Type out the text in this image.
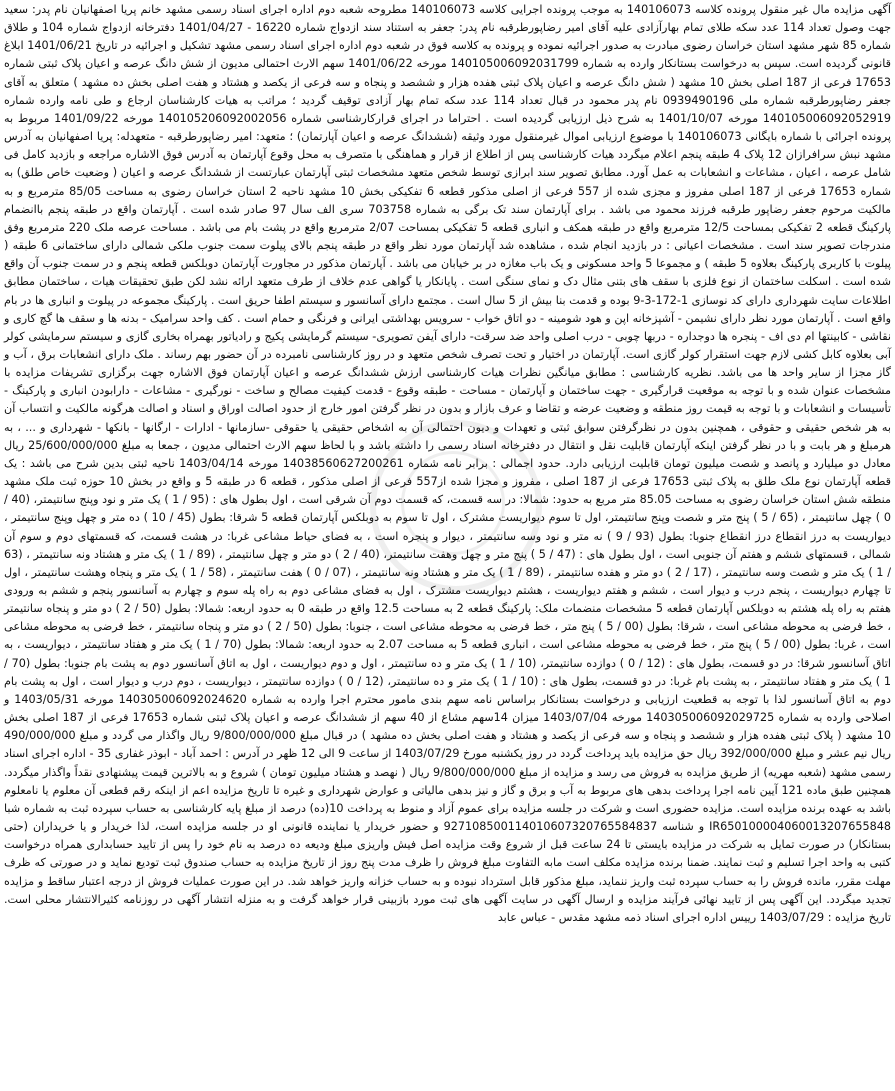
آگهی مزایده مال غیر منقول پرونده کلاسه 140106073 به موجب پرونده اجرایی کلاسه 140106073 مطروحه شعبه دوم اداره اجرای اسناد رسمی مشهد خانم پریا اصفهانیان نام پدر: سعید جهت وصول تعداد 114 عدد سکه طلای تمام بهارآزادی علیه آقای امیر رضاپورطرقبه نام پدر: جعفر به استناد سند ازدواج شماره 16220 - 1401/04/27 دفترخانه ازدواج شماره 104 و طلاق شماره 85 شهر مشهد استان خراسان رضوی مبادرت به صدور اجرائیه نموده و پرونده به کلاسه فوق در شعبه دوم اداره اجرای اسناد رسمی مشهد تشکیل و اجرائیه در تاریخ 1401/06/21 ابلاغ قانونی گردیده است. سپس به درخواست بستانکار وارده به شماره 140105006092031799 مورخه 1401/06/22 سهم الارث احتمالی مدیون از شش دانگ عرصه و اعیان پلاک ثبتی شماره 17653 فرعی از 187 اصلی بخش 10 مشهد ( شش دانگ عرصه و اعیان پلاک ثبتی هفده هزار و ششصد و پنجاه و سه فرعی از یکصد و هشتاد و هفت اصلی بخش ده مشهد ) متعلق به آقای جعفر رضاپورطرقبه شماره ملی 0939490196 نام پدر محمود در قبال تعداد 114 عدد سکه تمام بهار آزادی توقیف گردید ؛ مراتب به هیات کارشناسان ارجاع و طی نامه وارده شماره 140105006092052919 مورخه 1401/10/07 به شرح ذیل ارزیابی گردیده است . احتراما در اجرای قرارکارشناسی شماره 140105206092002056 مورخه 1401/09/22 مربوط به پرونده اجرائی با شماره بایگانی 140106073 با موضوع ارزیابی اموال غیرمنقول مورد وثیقه (ششدانگ عرصه و اعیان آپارتمان) ؛ متعهد: امیر رضاپورطرقبه - متعهدله: پریا اصفهانیان به آدرس مشهد نبش سرافرازان 12 پلاک 4 طبقه پنجم اعلام میگردد هیات کارشناسی پس از اطلاع از قرار و هماهنگی با متصرف به محل وقوع آپارتمان به آدرس فوق الاشاره مراجعه و بازدید کامل فی شامل عرصه ، اعیان ، مشاعات و انشعابات به عمل آورد. مطابق تصویر سند ابرازی توسط شخص متعهد مشخصات ثبتی آپارتمان عبارتست از ششدانگ عرصه و اعیان ( وضعیت خاص طلق) به شماره 17653 فرعی از 187 اصلی مفروز و مجزی شده از 557 فرعی از اصلی مذکور قطعه 6 تفکیکی بخش 10 مشهد ناحیه 2 استان خراسان رضوی به مساحت 85/05 مترمربع و به مالکیت مرحوم جعفر رضاپور طرقبه فرزند محمود می باشد . برای آپارتمان سند تک برگی به شماره 703758 سری الف سال 97 صادر شده است . آپارتمان واقع در طبقه پنجم باانضمام پارکینگ قطعه 2 تفکیکی بمساحت 12/5 مترمربع واقع در طبقه همکف و انباری قطعه 5 تفکیکی بمساحت 2/07 مترمربع واقع در پشت بام می باشد . مساحت عرصه ملک 220 مترمربع وفق مندرجات تصویر سند است . مشخصات اعیانی : در بازدید انجام شده ، مشاهده شد آپارتمان مورد نظر واقع در طبقه پنجم بالای پیلوت سمت جنوب ملکی شمالی دارای ساختمانی 6 طبقه ( پیلوت با کاربری پارکینگ بعلاوه 5 طبقه ) و مجموعا 5 واحد مسکونی و یک باب مغازه در بر خیابان می باشد . آپارتمان مذکور در مجاورت آپارتمان دوبلکس قطعه پنجم و در سمت جنوب آن واقع شده است . اسکلت ساختمان از نوع فلزی با سقف های بتنی مثال دک و نمای سنگی است . پایانکار یا گواهی عدم خلاف از طرف متعهد ارائه نشد لکن طبق تحقیقات هیات ، ساختمان مطابق اطلاعات سایت شهرداری دارای کد نوسازی 1-172-3-9 بوده و قدمت بنا بیش از 5 سال است . مجتمع دارای آسانسور و سیستم اطفا حریق است . پارکینگ مجموعه در پیلوت و انباری ها در بام واقع است . آپارتمان مورد نظر دارای نشیمن - آشپزخانه اپن و هود شومینه - دو اتاق خواب - سرویس بهداشتی ایرانی و فرنگی و حمام است . کف واحد سرامیک - بدنه ها و سقف ها گچ کاری و نقاشی - کابینتها ام دی اف - پنجره ها دوجداره - دربها چوبی - درب اصلی واحد ضد سرقت- دارای آیفن تصویری- سیستم گرمایشی پکیج و رادیاتور بهمراه بخاری گازی و سیستم سرمایشی کولر آبی بعلاوه کابل کشی لازم جهت استقرار کولر گازی است. آپارتمان در اختیار و تحت تصرف شخص متعهد و در روز کارشناسی نامبرده در آن حضور بهم رساند . ملک دارای انشعابات برق ، آب و گاز مجزا از سایر واحد ها می باشد. نظریه کارشناسی : مطابق میانگین نظرات هیات کارشناسی ارزش ششدانگ عرصه و اعیان آپارتمان فوق الاشاره جهت برگزاری تشریفات مزایده با مشخصات عنوان شده و با توجه به موقعیت قرارگیری - جهت ساختمان و آپارتمان - مساحت - طبقه وقوع - قدمت کیفیت مصالح و ساخت - نورگیری - مشاعات - دارابودن انباری و پارکینگ - تأسیسات و انشعابات و با توجه به قیمت روز منطقه و وضعیت عرضه و تقاضا و عرف بازار و بدون در نظر گرفتن امور خارج از حدود اصالت اوراق و اسناد و اصالت هرگونه مالکیت و انتساب آن به هر شخص حقیقی و حقوقی ، همچنین بدون در نظرگرفتن سوابق ثبتی و تعهدات و دیون احتمالی آن به اشخاص حقیقی یا حقوقی -سازمانها - ادارات - ارگانها - بانکها - شهرداری و ... ، به هرمبلغ و هر بابت و با در نظر گرفتن اینکه آپارتمان قابلیت نقل و انتقال در دفترخانه اسناد رسمی را داشته باشد و با لحاظ سهم الارث احتمالی مدیون ، جمعا به مبلغ 25/600/000/000 ریال معادل دو میلیارد و پانصد و شصت میلیون تومان قابلیت ارزیابی دارد. حدود اجمالی : برابر نامه شماره 14038560627200261 مورخه 1403/04/14 ناحیه ثبتی بدین شرح می باشد : یک قطعه آپارتمان نوع ملک طلق به پلاک ثبتی 17653 فرعی از 187 اصلی ، مفروز و مجزا شده از557 فرعی از اصلی مذکور ، قطعه 6 در طبقه 5 و واقع در بخش 10 حوزه ثبت ملک مشهد منطقه شش استان خراسان رضوی به مساحت 85.05 متر مربع به حدود: شمالا: در سه قسمت، که قسمت دوم آن شرقی است ، اول بطول های : (95 / 1 ) یک متر و نود وپنج سانتیمتر، (40 / 0 ) چهل سانتیمتر ، (65 / 5 ) پنج متر و شصت وپنج سانتیمتر، اول تا سوم دیواریست مشترک ، اول تا سوم به دوبلکس آپارتمان قطعه 5 شرقا: بطول (45 / 10 ) ده متر و چهل وپنج سانتیمتر ، دیواریست به درز انقطاع درز انقطاع جنوبا: بطول (93 / 9 ) نه متر و نود وسه سانتیمتر ، دیوار و پنجره است ، به فضای حیاط مشاعی غربا: در هشت قسمت، که قسمتهای دوم و سوم آن شمالی ، قسمتهای ششم و هفتم آن جنوبی است ، اول بطول های : (47 / 5 ) پنج متر و چهل وهفت سانتیمتر، (40 / 2 ) دو متر و چهل سانتیمتر ، (89 / 1 ) یک متر و هشتاد ونه سانتیمتر ، (63 / 1 ) یک متر و شصت وسه سانتیمتر ، (17 / 2 ) دو متر و هفده سانتیمتر ، (89 / 1 ) یک متر و هشتاد ونه سانتیمتر ، (07 / 0 ) هفت سانتیمتر ، (58 / 1 ) یک متر و پنجاه وهشت سانتیمتر ، اول تا چهارم دیواریست ، پنجم درب و دیوار است ، ششم و هفتم دیواریست ، هشتم دیواریست مشترک ، اول به فضای مشاعی دوم به راه پله سوم و چهارم به آسانسور پنجم و ششم به ورودی هفتم به راه پله هشتم به دوبلکس آپارتمان قطعه 5 مشخصات منضمات ملک: پارکینگ قطعه 2 به مساحت 12.5 واقع در طبقه 0 به حدود اربعه: شمالا: بطول (50 / 2 ) دو متر و پنجاه سانتیمتر ، خط فرضی به محوطه مشاعی است ، شرقا: بطول (00 / 5 ) پنج متر ، خط فرضی به محوطه مشاعی است ، جنوبا: بطول (50 / 2 ) دو متر و پنجاه سانتیمتر ، خط فرضی به محوطه مشاعی است ، غربا: بطول (00 / 5 ) پنج متر ، خط فرضی به محوطه مشاعی است ، انباری قطعه 5 به مساحت 2.07 به حدود اربعه: شمالا: بطول (70 / 1 ) یک متر و هفتاد سانتیمتر ، دیواریست ، به اتاق آسانسور شرقا: در دو قسمت، بطول های : (12 / 0 ) دوازده سانتیمتر، (10 / 1 ) یک متر و ده سانتیمتر ، اول و دوم دیواریست ، اول به اتاق آسانسور دوم به پشت بام جنوبا: بطول (70 / 1 ) یک متر و هفتاد سانتیمتر ، به پشت بام غربا: در دو قسمت، بطول های : (10 / 1 ) یک متر و ده سانتیمتر، (12 / 0 ) دوازده سانتیمتر ، دیواریست ، دوم درب و دیوار است ، اول به پشت بام دوم به اتاق آسانسور لذا با توجه به قطعیت ارزیابی و درخواست بستانکار براساس نامه سهم بندی مامور محترم اجرا وارده به شماره 140305006092024620 مورخه 1403/05/31 و اصلاحی وارده به شماره 140305006092029725 مورخه 1403/07/04 میزان 14سهم مشاع از 40 سهم از ششدانگ عرصه و اعیان پلاک ثبتی شماره 17653 فرعی از 187 اصلی بخش 10 مشهد ( پلاک ثبتی هفده هزار و ششصد و پنجاه و سه فرعی از یکصد و هشتاد و هفت اصلی بخش ده مشهد ) در قبال مبلغ 9/800/000/000 ریال واگذار می گردد و مبلغ 490/000/000 ریال نیم عشر و مبلغ 392/000/000 ریال حق مزایده باید پرداخت گردد در روز یکشنبه مورخ 1403/07/29 از ساعت 9 الی 12 ظهر در آدرس : احمد آباد - ابوذر غفاری 35 - اداره اجرای اسناد رسمی مشهد (شعبه مهریه) از طریق مزایده به فروش می رسد و مزایده از مبلغ 9/800/000/000 ریال ( نهصد و هشتاد میلیون تومان ) شروع و به بالاترین قیمت پیشنهادی نقداً واگذار میگردد. همچنین طبق ماده 121 آیین نامه اجرا پرداخت بدهی های مربوط به آب و برق و گاز و نیز بدهی مالیاتی و عوارض شهرداری و غیره تا تاریخ مزایده اعم از اینکه رقم قطعی آن معلوم یا نامعلوم باشد به عهده برنده مزایده است. مزایده حضوری است و شرکت در جلسه مزایده برای عموم آزاد و منوط به پرداخت 10(ده) درصد از مبلغ پایه کارشناسی به حساب سپرده ثبت به شماره شبا IR650100004060013207655848 و شناسه 927108500114010607320765584837 و حضور خریدار یا نماینده قانونی او در جلسه مزایده است، لذا خریدار و یا خریداران (حتی بستانکار) در صورت تمایل به شرکت در مزایده بایستی تا 24 ساعت قبل از شروع وقت مزایده اصل فیش واریزی مبلغ ودیعه ده درصد به نام خود را پس از تایید حسابداری همراه درخواست کتبی به واحد اجرا تسلیم و ثبت نمایند. ضمنا برنده مزایده مکلف است مابه التفاوت مبلغ فروش را ظرف مدت پنج روز از تاریخ مزایده به حساب صندوق ثبت تودیع نماید و در صورتی که ظرف مهلت مقرر، مانده فروش را به حساب سپرده ثبت واریز ننماید، مبلغ مذکور قابل استرداد نبوده و به حساب خزانه واریز خواهد شد. در این صورت عملیات فروش از درجه اعتبار ساقط و مزایده تجدید میگردد. این آگهی پس از تایید نهائی فرآیند مزایده و ارسال آگهی در سایت آگهی های ثبت مورد بازبینی قرار خواهد گرفت و به منزله انتشار آگهی در روزنامه کثیرالانتشار محلی است. تاریخ مزایده : 1403/07/29 رییس اداره اجرای اسناد ذمه مشهد مقدس - عباس عابد
